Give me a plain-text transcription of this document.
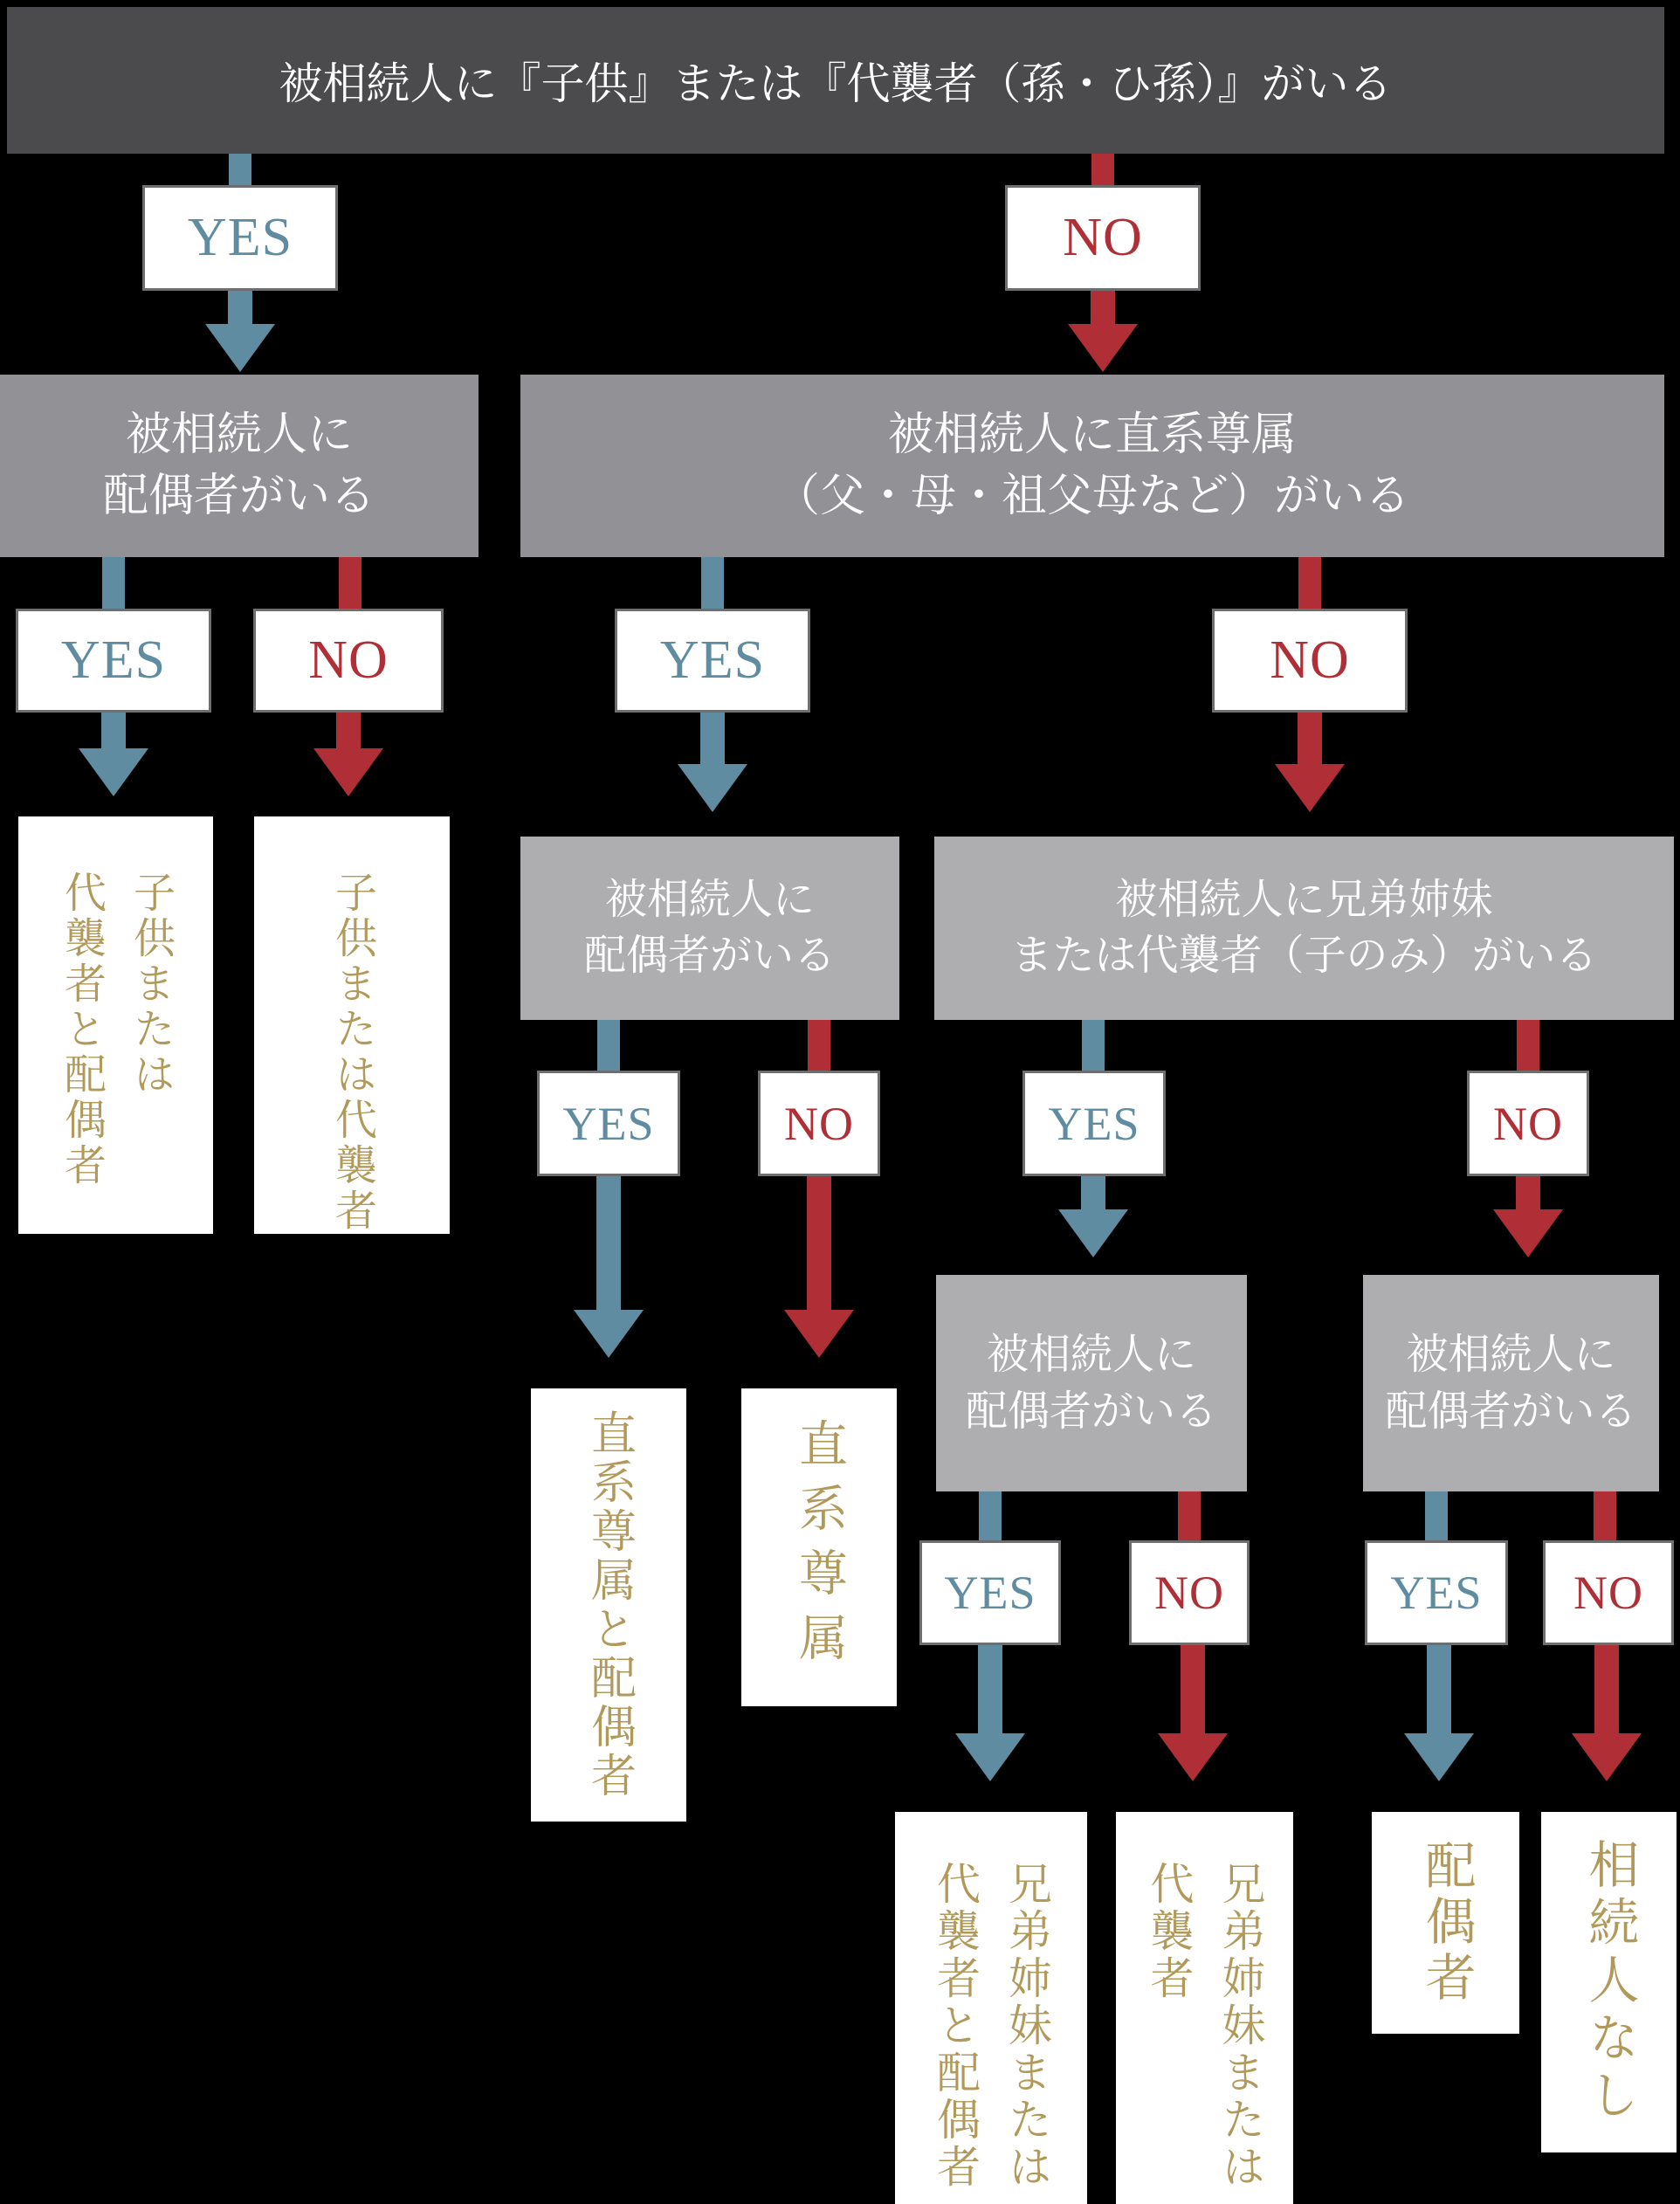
被相続人に『子供』または『代襲者（孫・ひ孫）』がいる
YES	NO
被相続人に
配偶者がいる
被相続人に直系尊属
（父・母・祖父母など）がいる
YES	NO	YES	NO
子供または
代襲者と配偶者	子供または代襲者	被相続人に
配偶者がいる
被相続人に兄弟姉妹
または代襲者（子のみ）がいる
YES	NO	YES	NO
直系尊属と配偶者	直系尊属
被相続人に
配偶者がいる
被相続人に
配偶者がいる
YES	NO	YES NO
兄弟姉妹または
代襲者と配偶者	兄弟姉妹または
代襲者	配偶者 相続人なし
